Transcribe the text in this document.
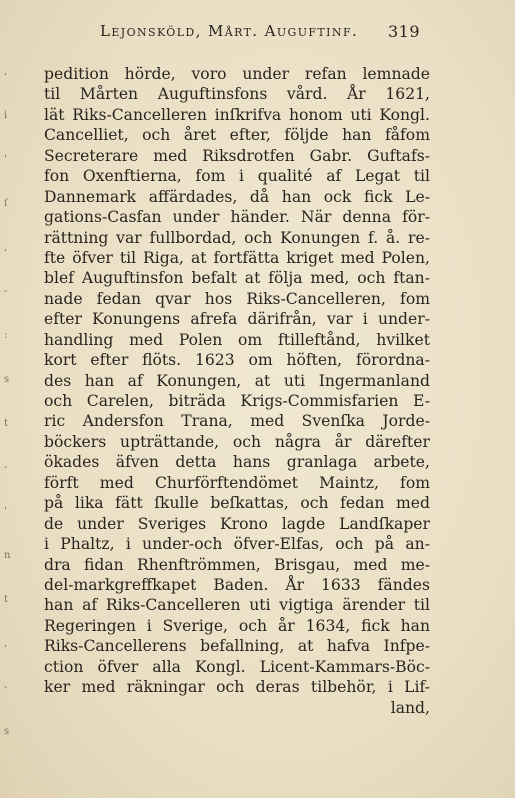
,
i
'
ſ
,
-
:
s
t
-
'
n
t
,
-
s
Lejonsköld, Mårt. Auguftinf. 319
pedition hörde, voro under refan lemnade
til Mårten Auguftinsfons vård. År 1621,
lät Riks-Cancelleren inſkrifva honom uti Kongl.
Cancelliet, och året efter, följde han fåfom
Secreterare med Riksdrotfen Gabr. Guftafs-
fon Oxenftierna, fom i qualité af Legat til
Dannemark affärdades, då han ock fick Le-
gations-Casfan under händer. När denna för-
rättning var fullbordad, och Konungen f. å. re-
fte öfver til Riga, at fortfätta kriget med Polen,
blef Auguftinsfon befalt at följa med, och ftan-
nade fedan qvar hos Riks-Cancelleren, fom
efter Konungens afrefa därifrån, var i under-
handling med Polen om ftilleftånd, hvilket
kort efter flöts. 1623 om höften, förordna-
des han af Konungen, at uti Ingermanland
och Carelen, biträda Krigs-Commisfarien E-
ric Andersfon Trana, med Svenſka Jorde-
böckers upträttande, och några år därefter
ökades äfven detta hans granlaga arbete,
förft med Churförftendömet Maintz, fom
på lika fätt ſkulle beſkattas, och fedan med
de under Sveriges Krono lagde Landſkaper
i Phaltz, i under-och öfver-Elfas, och på an-
dra fidan Rhenftrömmen, Brisgau, med me-
del-markgreffkapet Baden. År 1633 fändes
han af Riks-Cancelleren uti vigtiga ärender til
Regeringen i Sverige, och år 1634, fick han
Riks-Cancellerens befallning, at hafva Infpe-
ction öfver alla Kongl. Licent-Kammars-Böc-
ker med räkningar och deras tilbehör, i Lif-
land,
